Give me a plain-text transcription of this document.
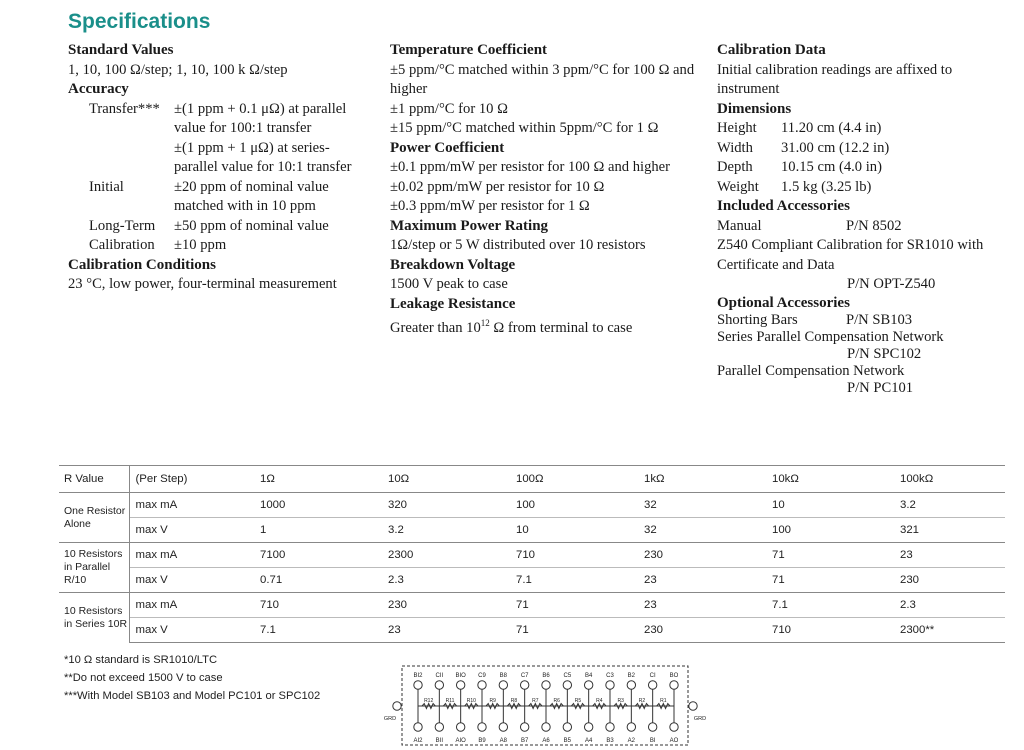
Specifications
Standard Values
1, 10, 100 Ω/step; 1, 10, 100 k Ω/step
Accuracy
Transfer*** ±(1 ppm + 0.1 μΩ) at parallel value for 100:1 transfer
±(1 ppm + 1 μΩ) at series-parallel value for 10:1 transfer
Initial	±20 ppm of nominal value matched with in 10 ppm
Long-Term	±50 ppm of nominal value
Calibration	±10 ppm
Calibration Conditions
23 °C, low power, four-terminal measurement
Temperature Coefficient
±5 ppm/°C matched within 3 ppm/°C for 100 Ω and higher
±1 ppm/°C for 10 Ω
±15 ppm/°C matched within 5ppm/°C for 1 Ω
Power Coefficient
±0.1 ppm/mW per resistor for 100 Ω and higher
±0.02 ppm/mW per resistor for 10 Ω
±0.3 ppm/mW per resistor for 1 Ω
Maximum Power Rating
1Ω/step or 5 W distributed over 10 resistors
Breakdown Voltage
1500 V peak to case
Leakage Resistance
Greater than $10^{12}$ Ω from terminal to case
Calibration Data
Initial calibration readings are affixed to instrument
Dimensions
Height	11.20 cm (4.4 in)
Width	31.00 cm (12.2 in)
Depth	10.15 cm (4.0 in)
Weight	1.5 kg (3.25 lb)
Included Accessories
Manual	P/N 8502
Z540 Compliant Calibration for SR1010 with Certificate and Data
P/N OPT-Z540
Optional Accessories
Shorting Bars	P/N SB103
Series Parallel Compensation Network
P/N SPC102
Parallel Compensation Network
P/N PC101
R Value	(Per Step)	1Ω	10Ω	100Ω	1kΩ	10kΩ	100kΩ
One Resistor Alone	max mA	1000	320	100	32	10	3.2
	max V	1	3.2	10	32	100	321
10 Resistors in Parallel R/10	max mA	7100	2300	710	230	71	23
	max V	0.71	2.3	7.1	23	71	230
10 Resistors in Series 10R	max mA	710	230	71	23	7.1	2.3
	max V	7.1	23	71	230	710	2300**
*10 Ω standard is SR1010/LTC
**Do not exceed 1500 V to case
***With Model SB103 and Model PC101 or SPC102
BI2
AI2
CII
BII
BIO
AIO
C9
B9
B8
A8
C7
B7
B6
A6
C5
B5
B4
A4
C3
B3
B2
A2
CI
BI
BO
AO
R12 R11 R10	R9	R8	R7	R6	R5	R4	R3	R2	R1
GRD	GRD
